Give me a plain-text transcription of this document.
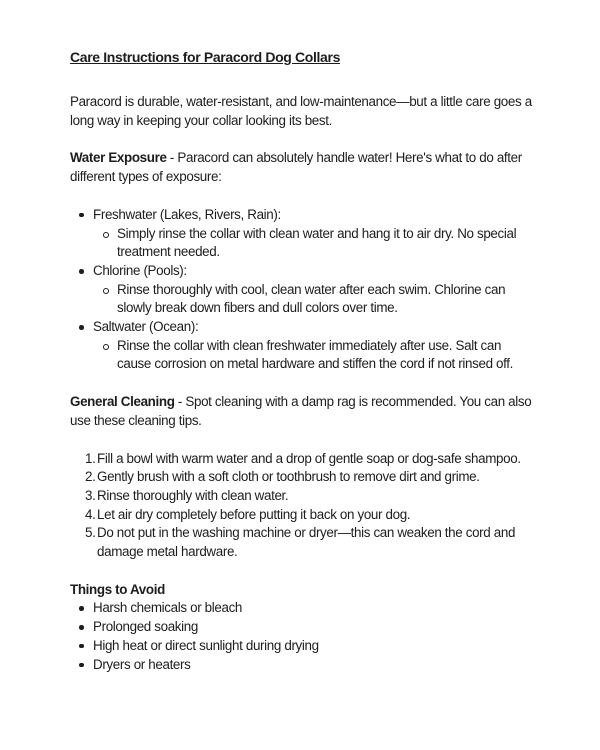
Care Instructions for Paracord Dog Collars

Paracord is durable, water-resistant, and low-maintenance—but a little care goes a long way in keeping your collar looking its best.

Water Exposure - Paracord can absolutely handle water! Here's what to do after different types of exposure:

Freshwater (Lakes, Rivers, Rain):
Simply rinse the collar with clean water and hang it to air dry. No special treatment needed.
Chlorine (Pools):
Rinse thoroughly with cool, clean water after each swim. Chlorine can slowly break down fibers and dull colors over time.
Saltwater (Ocean):
Rinse the collar with clean freshwater immediately after use. Salt can cause corrosion on metal hardware and stiffen the cord if not rinsed off.

General Cleaning - Spot cleaning with a damp rag is recommended. You can also use these cleaning tips.

Fill a bowl with warm water and a drop of gentle soap or dog-safe shampoo.
Gently brush with a soft cloth or toothbrush to remove dirt and grime.
Rinse thoroughly with clean water.
Let air dry completely before putting it back on your dog.
Do not put in the washing machine or dryer—this can weaken the cord and damage metal hardware.

Things to Avoid

Harsh chemicals or bleach
Prolonged soaking
High heat or direct sunlight during drying
Dryers or heaters
